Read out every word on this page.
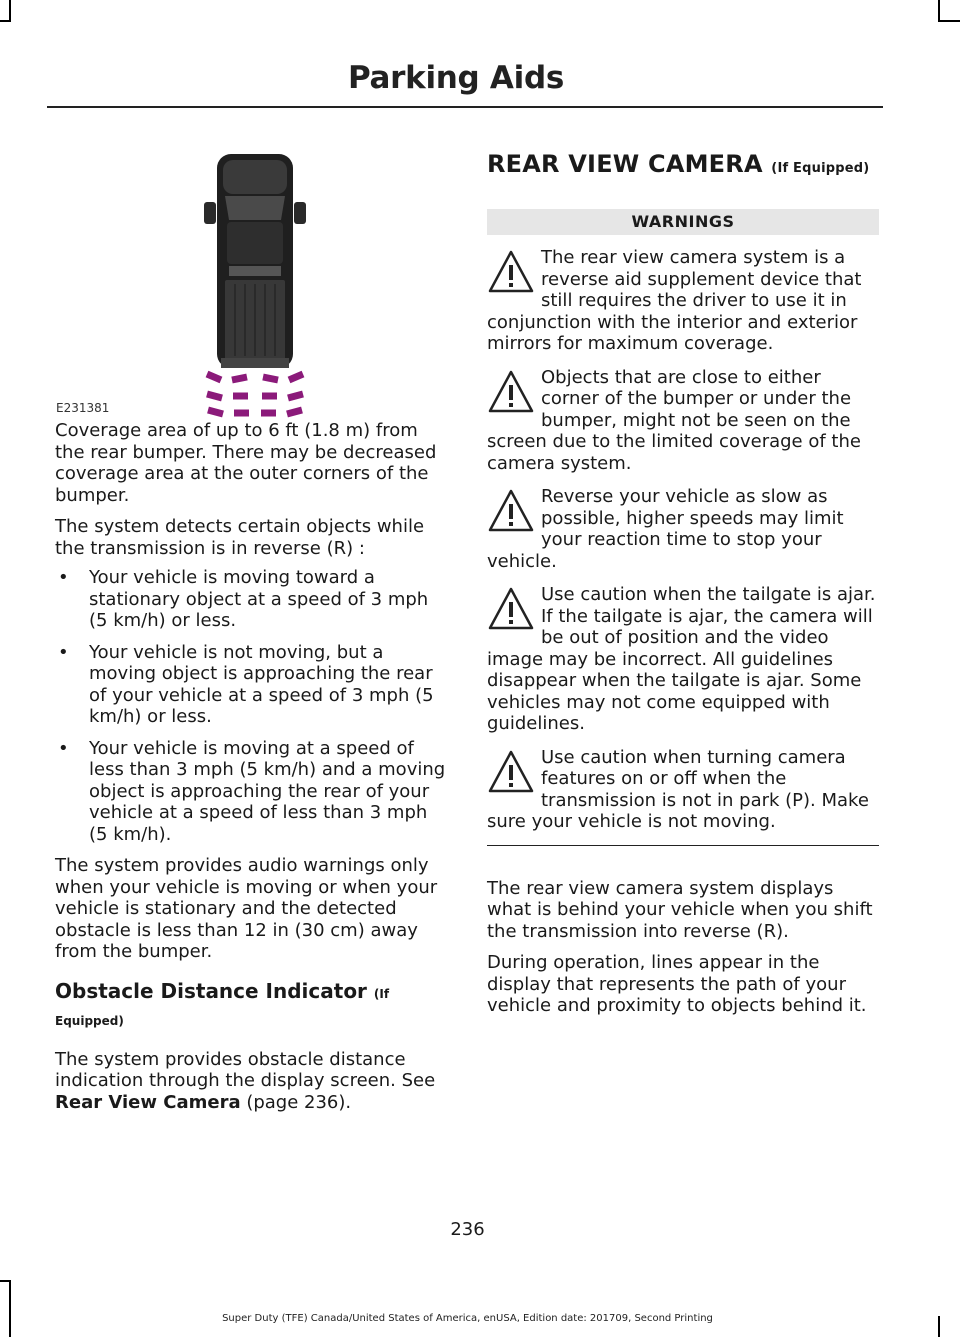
Parking Aids
E231381

Coverage area of up to 6 ft (1.8 m) from the rear bumper. There may be decreased coverage area at the outer corners of the bumper.

The system detects certain objects while the transmission is in reverse (R) :

• Your vehicle is moving toward a stationary object at a speed of 3 mph (5 km/h) or less.
• Your vehicle is not moving, but a moving object is approaching the rear of your vehicle at a speed of 3 mph (5 km/h) or less.
• Your vehicle is moving at a speed of less than 3 mph (5 km/h) and a moving object is approaching the rear of your vehicle at a speed of less than 3 mph (5 km/h).

The system provides audio warnings only when your vehicle is moving or when your vehicle is stationary and the detected obstacle is less than 12 in (30 cm) away from the bumper.

Obstacle Distance Indicator (If Equipped)

The system provides obstacle distance indication through the display screen. See Rear View Camera (page 236).

REAR VIEW CAMERA (If Equipped)
WARNINGS
The rear view camera system is a reverse aid supplement device that still requires the driver to use it in conjunction with the interior and exterior mirrors for maximum coverage.
Objects that are close to either corner of the bumper or under the bumper, might not be seen on the screen due to the limited coverage of the camera system.
Reverse your vehicle as slow as possible, higher speeds may limit your reaction time to stop your vehicle.
Use caution when the tailgate is ajar. If the tailgate is ajar, the camera will be out of position and the video image may be incorrect. All guidelines disappear when the tailgate is ajar. Some vehicles may not come equipped with guidelines.
Use caution when turning camera features on or off when the transmission is not in park (P). Make sure your vehicle is not moving.

The rear view camera system displays what is behind your vehicle when you shift the transmission into reverse (R).

During operation, lines appear in the display that represents the path of your vehicle and proximity to objects behind it.

236
Super Duty (TFE) Canada/United States of America, enUSA, Edition date: 201709, Second Printing
